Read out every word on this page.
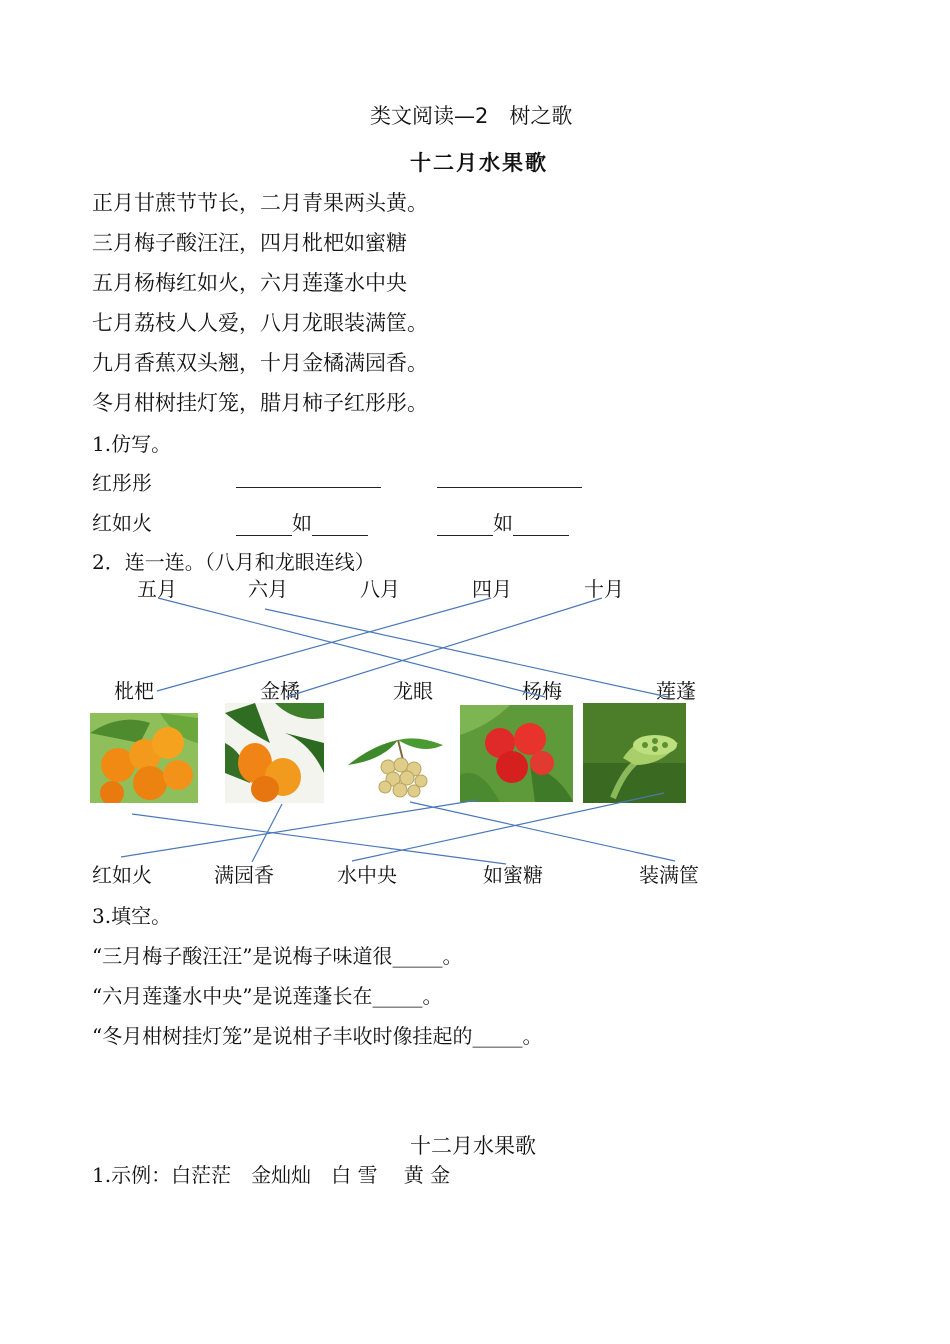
类文阅读—2　树之歌
十二月水果歌
正月甘蔗节节长，二月青果两头黄。
三月梅子酸汪汪，四月枇杷如蜜糖
五月杨梅红如火，六月莲蓬水中央
七月荔枝人人爱，八月龙眼装满筐。
九月香蕉双头翘，十月金橘满园香。
冬月柑树挂灯笼，腊月柿子红彤彤。
1.仿写。
红彤彤
红如火	如	如
2．连一连。（八月和龙眼连线）
五月	六月	八月	四月	十月
枇杷	金橘	龙眼	杨梅	莲蓬
红如火	满园香	水中央	如蜜糖	装满筐
3.填空。
“三月梅子酸汪汪”是说梅子味道很_____。
“六月莲蓬水中央”是说莲蓬长在_____。
“冬月柑树挂灯笼”是说柑子丰收时像挂起的_____。
十二月水果歌
1.示例：白茫茫　金灿灿　白 雪　 黄 金
